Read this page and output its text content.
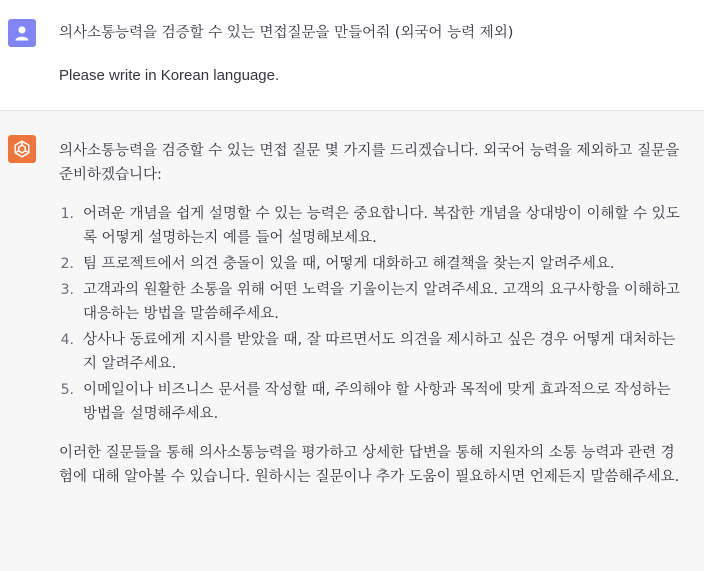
의사소통능력을 검증할 수 있는 면접질문을 만들어줘 (외국어 능력 제외)
Please write in Korean language.

의사소통능력을 검증할 수 있는 면접 질문 몇 가지를 드리겠습니다. 외국어 능력을 제외하고 질문을 준비하겠습니다:

1. 어려운 개념을 쉽게 설명할 수 있는 능력은 중요합니다. 복잡한 개념을 상대방이 이해할 수 있도록 어떻게 설명하는지 예를 들어 설명해보세요.
2. 팀 프로젝트에서 의견 충돌이 있을 때, 어떻게 대화하고 해결책을 찾는지 알려주세요.
3. 고객과의 원활한 소통을 위해 어떤 노력을 기울이는지 알려주세요. 고객의 요구사항을 이해하고 대응하는 방법을 말씀해주세요.
4. 상사나 동료에게 지시를 받았을 때, 잘 따르면서도 의견을 제시하고 싶은 경우 어떻게 대처하는지 알려주세요.
5. 이메일이나 비즈니스 문서를 작성할 때, 주의해야 할 사항과 목적에 맞게 효과적으로 작성하는 방법을 설명해주세요.

이러한 질문들을 통해 의사소통능력을 평가하고 상세한 답변을 통해 지원자의 소통 능력과 관련 경험에 대해 알아볼 수 있습니다. 원하시는 질문이나 추가 도움이 필요하시면 언제든지 말씀해주세요.
